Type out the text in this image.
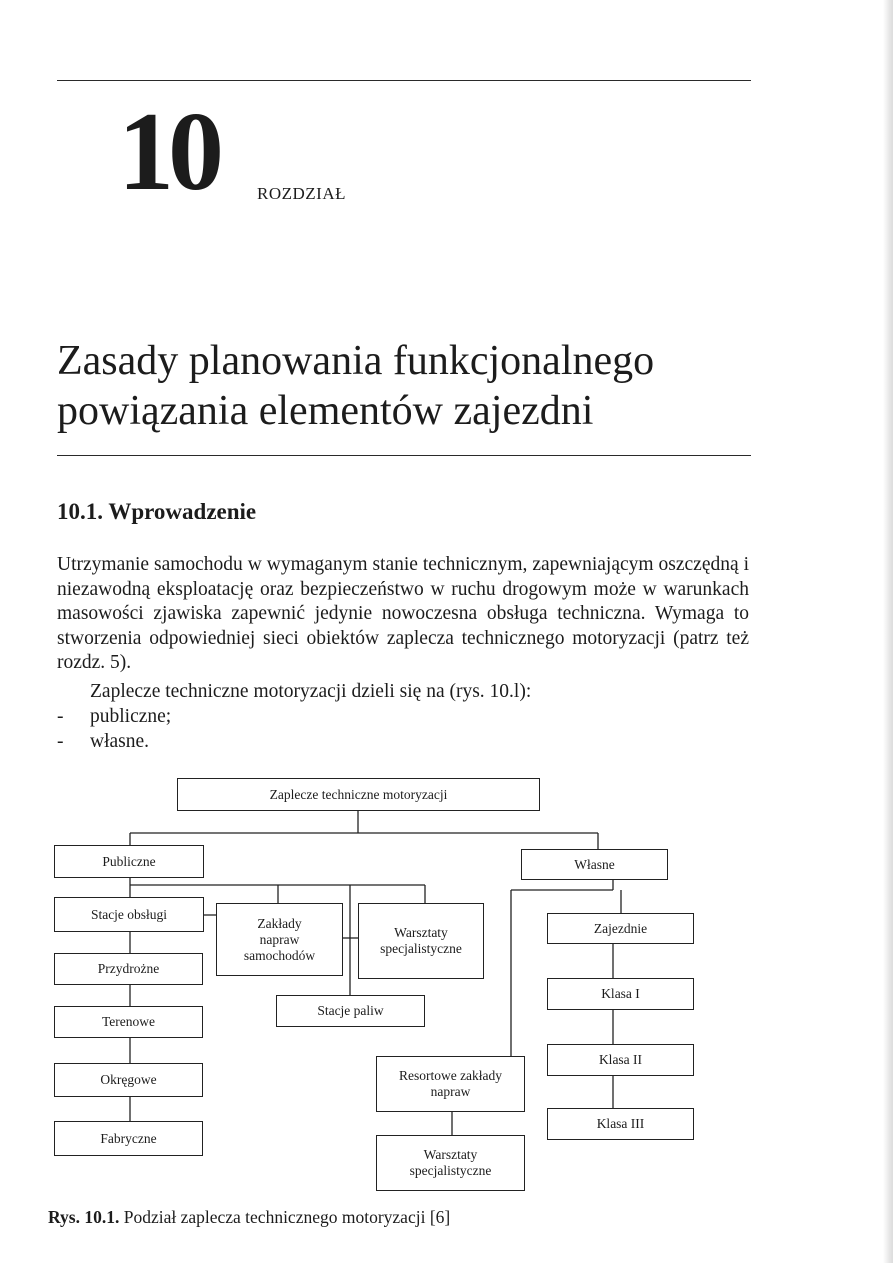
10 ROZDZIAŁ
Zasady planowania funkcjonalnego powiązania elementów zajezdni
10.1. Wprowadzenie

Utrzymanie samochodu w wymaganym stanie technicznym, zapewniającym oszczędną i niezawodną eksploatację oraz bezpieczeństwo w ruchu drogowym może w warunkach masowości zjawiska zapewnić jedynie nowoczesna obsługa techniczna. Wymaga to stworzenia odpowiedniej sieci obiektów zaplecza technicznego motoryzacji (patrz też rozdz. 5).

Zaplecze techniczne motoryzacji dzieli się na (rys. 10.l):

- publiczne;
- własne.
Zaplecze techniczne motoryzacji
Publiczne	Własne
Stacje obsługi
Przydrożne
Terenowe
Okręgowe
Fabryczne
Zakłady
napraw
samochodów
Warsztaty
specjalistyczne
Stacje paliw
Zajezdnie
Klasa I
Klasa II
Klasa III
Resortowe zakłady
napraw
Warsztaty
specjalistyczne
Rys. 10.1. Podział zaplecza technicznego motoryzacji [6]
